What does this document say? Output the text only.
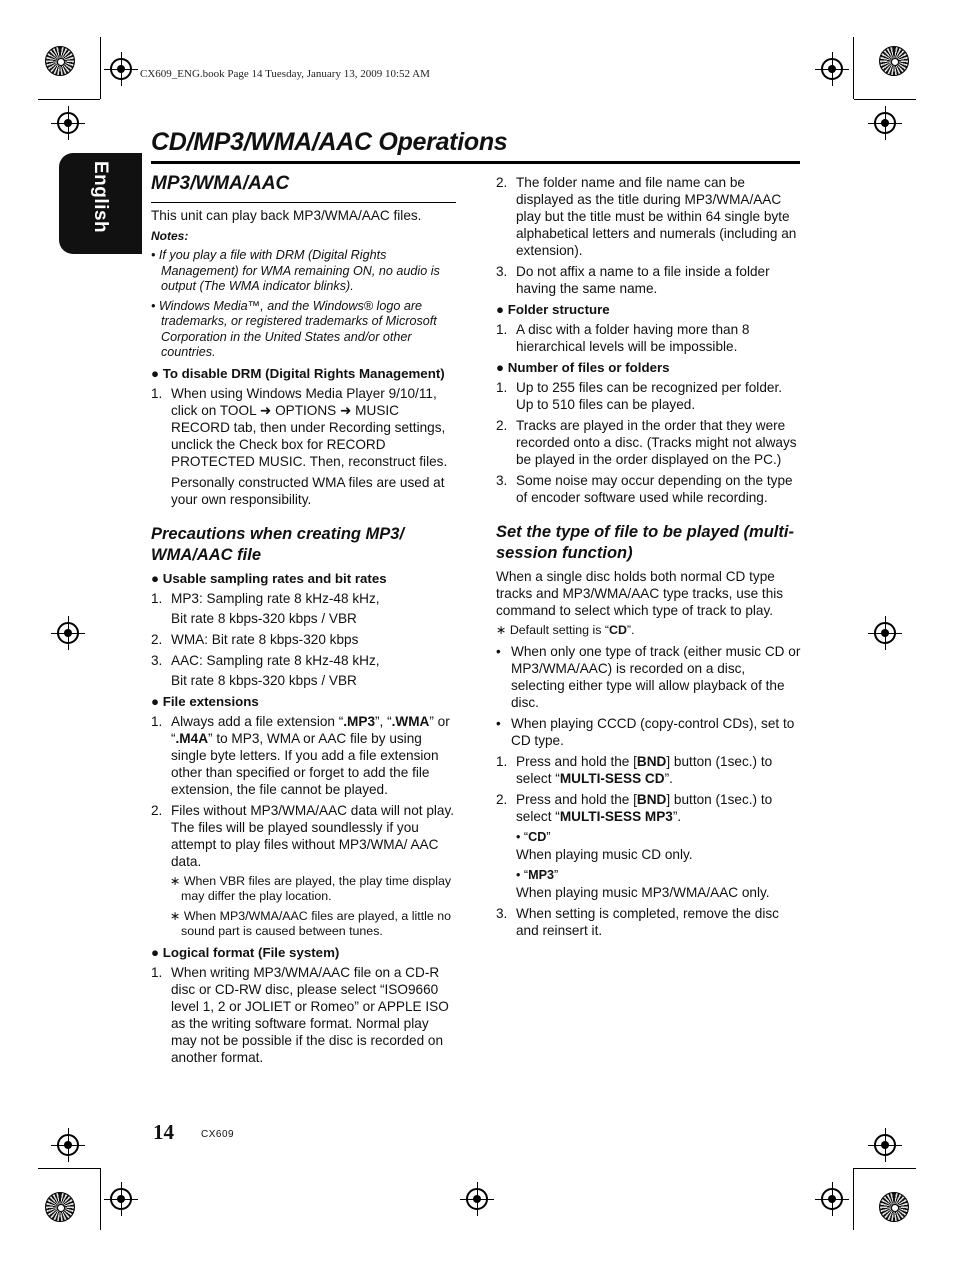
CX609_ENG.book Page 14 Tuesday, January 13, 2009 10:52 AM
English
CD/MP3/WMA/AAC Operations
MP3/WMA/AAC

This unit can play back MP3/WMA/AAC files.

Notes:
• If you play a file with DRM (Digital Rights Management) for WMA remaining ON, no audio is output (The WMA indicator blinks).
• Windows Media™, and the Windows® logo are trademarks, or registered trademarks of Microsoft Corporation in the United States and/or other countries.
● To disable DRM (Digital Rights Management)
1. When using Windows Media Player 9/10/11, click on TOOL ➜ OPTIONS ➜ MUSIC RECORD tab, then under Recording settings, unclick the Check box for RECORD PROTECTED MUSIC. Then, reconstruct files.
Personally constructed WMA files are used at your own responsibility.
Precautions when creating MP3/ WMA/AAC file
● Usable sampling rates and bit rates
1. MP3: Sampling rate 8 kHz-48 kHz,
Bit rate 8 kbps-320 kbps / VBR
2. WMA: Bit rate 8 kbps-320 kbps
3. AAC: Sampling rate 8 kHz-48 kHz,
Bit rate 8 kbps-320 kbps / VBR
● File extensions
1. Always add a file extension “.MP3”, “.WMA” or “.M4A” to MP3, WMA or AAC file by using single byte letters. If you add a file extension other than specified or forget to add the file extension, the file cannot be played.
2. Files without MP3/WMA/AAC data will not play. The files will be played soundlessly if you attempt to play files without MP3/WMA/ AAC data.
∗ When VBR files are played, the play time display may differ the play location.
∗ When MP3/WMA/AAC files are played, a little no sound part is caused between tunes.
● Logical format (File system)
1. When writing MP3/WMA/AAC file on a CD-R disc or CD-RW disc, please select “ISO9660 level 1, 2 or JOLIET or Romeo” or APPLE ISO as the writing software format. Normal play may not be possible if the disc is recorded on another format.
2. The folder name and file name can be displayed as the title during MP3/WMA/AAC play but the title must be within 64 single byte alphabetical letters and numerals (including an extension).
3. Do not affix a name to a file inside a folder having the same name.
● Folder structure
1. A disc with a folder having more than 8 hierarchical levels will be impossible.
● Number of files or folders
1. Up to 255 files can be recognized per folder. Up to 510 files can be played.
2. Tracks are played in the order that they were recorded onto a disc. (Tracks might not always be played in the order displayed on the PC.)
3. Some noise may occur depending on the type of encoder software used while recording.
Set the type of file to be played (multi-session function)

When a single disc holds both normal CD type tracks and MP3/WMA/AAC type tracks, use this command to select which type of track to play.

∗ Default setting is “CD”.
• When only one type of track (either music CD or MP3/WMA/AAC) is recorded on a disc, selecting either type will allow playback of the disc.
• When playing CCCD (copy-control CDs), set to CD type.
1. Press and hold the [BND] button (1sec.) to select “MULTI-SESS CD”.
2. Press and hold the [BND] button (1sec.) to select “MULTI-SESS MP3”.
• “CD”
When playing music CD only.
• “MP3”
When playing music MP3/WMA/AAC only.
3. When setting is completed, remove the disc and reinsert it.
14	CX609
